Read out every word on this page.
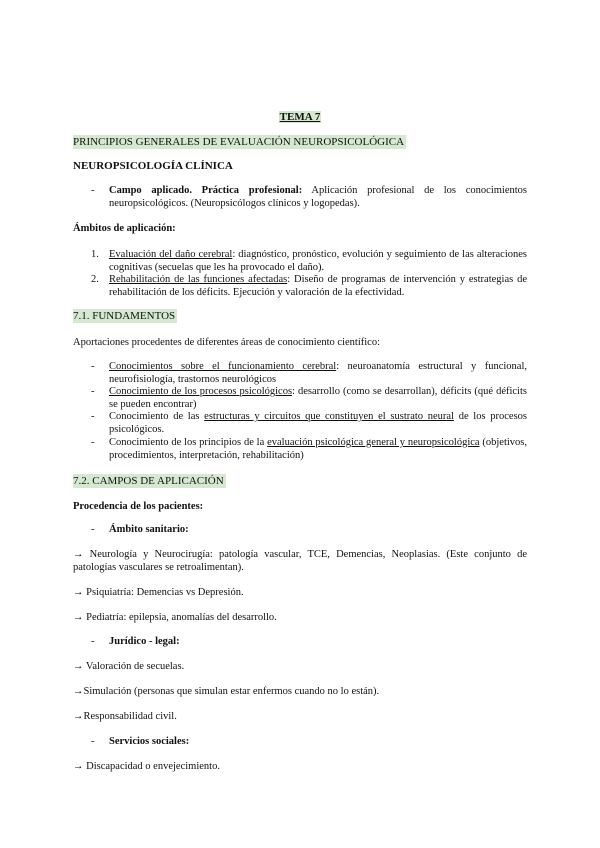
TEMA 7
PRINCIPIOS GENERALES DE EVALUACIÓN NEUROPSICOLÓGICA
NEUROPSICOLOGÍA CLÍNICA
- Campo aplicado. Práctica profesional: Aplicación profesional de los conocimientos neuropsicológicos. (Neuropsicólogos clínicos y logopedas).
Ámbitos de aplicación:
1. Evaluación del daño cerebral: diagnóstico, pronóstico, evolución y seguimiento de las alteraciones cognitivas (secuelas que les ha provocado el daño).
2. Rehabilitación de las funciones afectadas: Diseño de programas de intervención y estrategias de rehabilitación de los déficits. Ejecución y valoración de la efectividad.
7.1. FUNDAMENTOS
Aportaciones procedentes de diferentes áreas de conocimiento científico:
- Conocimientos sobre el funcionamiento cerebral: neuroanatomía estructural y funcional, neurofisiología, trastornos neurológicos
- Conocimiento de los procesos psicológicos: desarrollo (como se desarrollan), déficits (qué déficits se pueden encontrar)
- Conocimiento de las estructuras y circuitos que constituyen el sustrato neural de los procesos psicológicos.
- Conocimiento de los principios de la evaluación psicológica general y neuropsicológica (objetivos, procedimientos, interpretación, rehabilitación)
7.2. CAMPOS DE APLICACIÓN
Procedencia de los pacientes:
- Ámbito sanitario:
→ Neurología y Neurocirugía: patología vascular, TCE, Demencias, Neoplasias. (Este conjunto de patologías vasculares se retroalimentan).
→ Psiquiatría: Demencias vs Depresión.
→ Pediatría: epilepsia, anomalías del desarrollo.
- Jurídico - legal:
→ Valoración de secuelas.
→Simulación (personas que simulan estar enfermos cuando no lo están).
→Responsabilidad civil.
- Servicios sociales:
→ Discapacidad o envejecimiento.
